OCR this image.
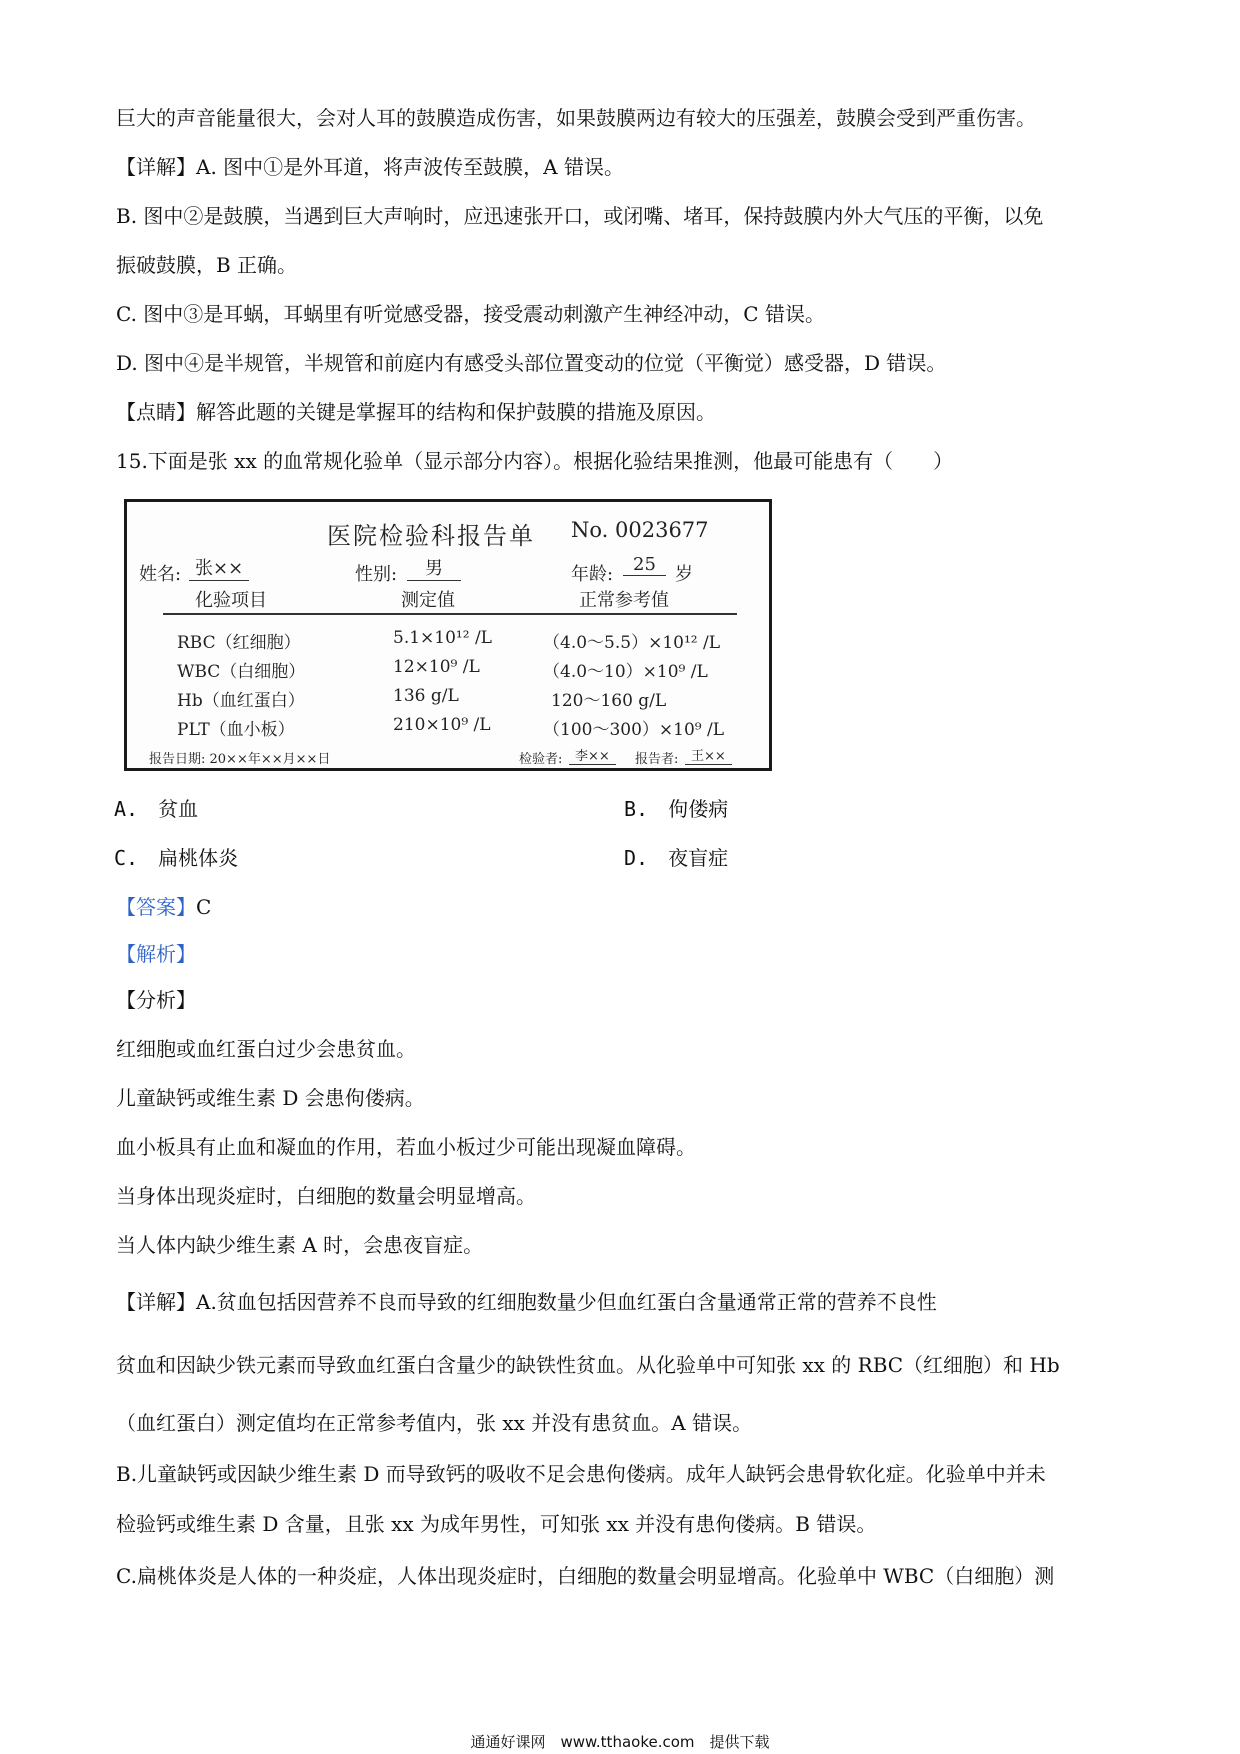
巨大的声音能量很大，会对人耳的鼓膜造成伤害，如果鼓膜两边有较大的压强差，鼓膜会受到严重伤害。
【详解】A. 图中①是外耳道，将声波传至鼓膜，A 错误。
B. 图中②是鼓膜，当遇到巨大声响时，应迅速张开口，或闭嘴、堵耳，保持鼓膜内外大气压的平衡，以免
振破鼓膜，B 正确。
C. 图中③是耳蜗，耳蜗里有听觉感受器，接受震动刺激产生神经冲动，C 错误。
D. 图中④是半规管，半规管和前庭内有感受头部位置变动的位觉（平衡觉）感受器，D 错误。
【点睛】解答此题的关键是掌握耳的结构和保护鼓膜的措施及原因。
15.下面是张 xx 的血常规化验单（显示部分内容）。根据化验结果推测，他最可能患有（　　）
医院检验科报告单 No. 0023677
姓名: 张××	性别:	男	年龄:	25	岁
化验项目	测定值	正常参考值
RBC（红细胞）	5.1×10¹² /L	（4.0～5.5）×10¹² /L
WBC（白细胞）	12×10⁹ /L	（4.0～10）×10⁹ /L
Hb（血红蛋白）	136 g/L	120～160 g/L
PLT（血小板）	210×10⁹ /L	（100～300）×10⁹ /L
报告日期: 20××年××月××日	检验者: 李××	报告者: 王××
A.　贫血	B.　佝偻病
C.　扁桃体炎	D.　夜盲症
【答案】C
【解析】
【分析】
红细胞或血红蛋白过少会患贫血。
儿童缺钙或维生素 D 会患佝偻病。
血小板具有止血和凝血的作用，若血小板过少可能出现凝血障碍。
当身体出现炎症时，白细胞的数量会明显增高。
当人体内缺少维生素 A 时，会患夜盲症。
【详解】A.贫血包括因营养不良而导致的红细胞数量少但血红蛋白含量通常正常的营养不良性
贫血和因缺少铁元素而导致血红蛋白含量少的缺铁性贫血。从化验单中可知张 xx 的 RBC（红细胞）和 Hb
（血红蛋白）测定值均在正常参考值内，张 xx 并没有患贫血。A 错误。
B.儿童缺钙或因缺少维生素 D 而导致钙的吸收不足会患佝偻病。成年人缺钙会患骨软化症。化验单中并未
检验钙或维生素 D 含量，且张 xx 为成年男性，可知张 xx 并没有患佝偻病。B 错误。
C.扁桃体炎是人体的一种炎症，人体出现炎症时，白细胞的数量会明显增高。化验单中 WBC（白细胞）测
通通好课网　www.tthaoke.com　提供下载
